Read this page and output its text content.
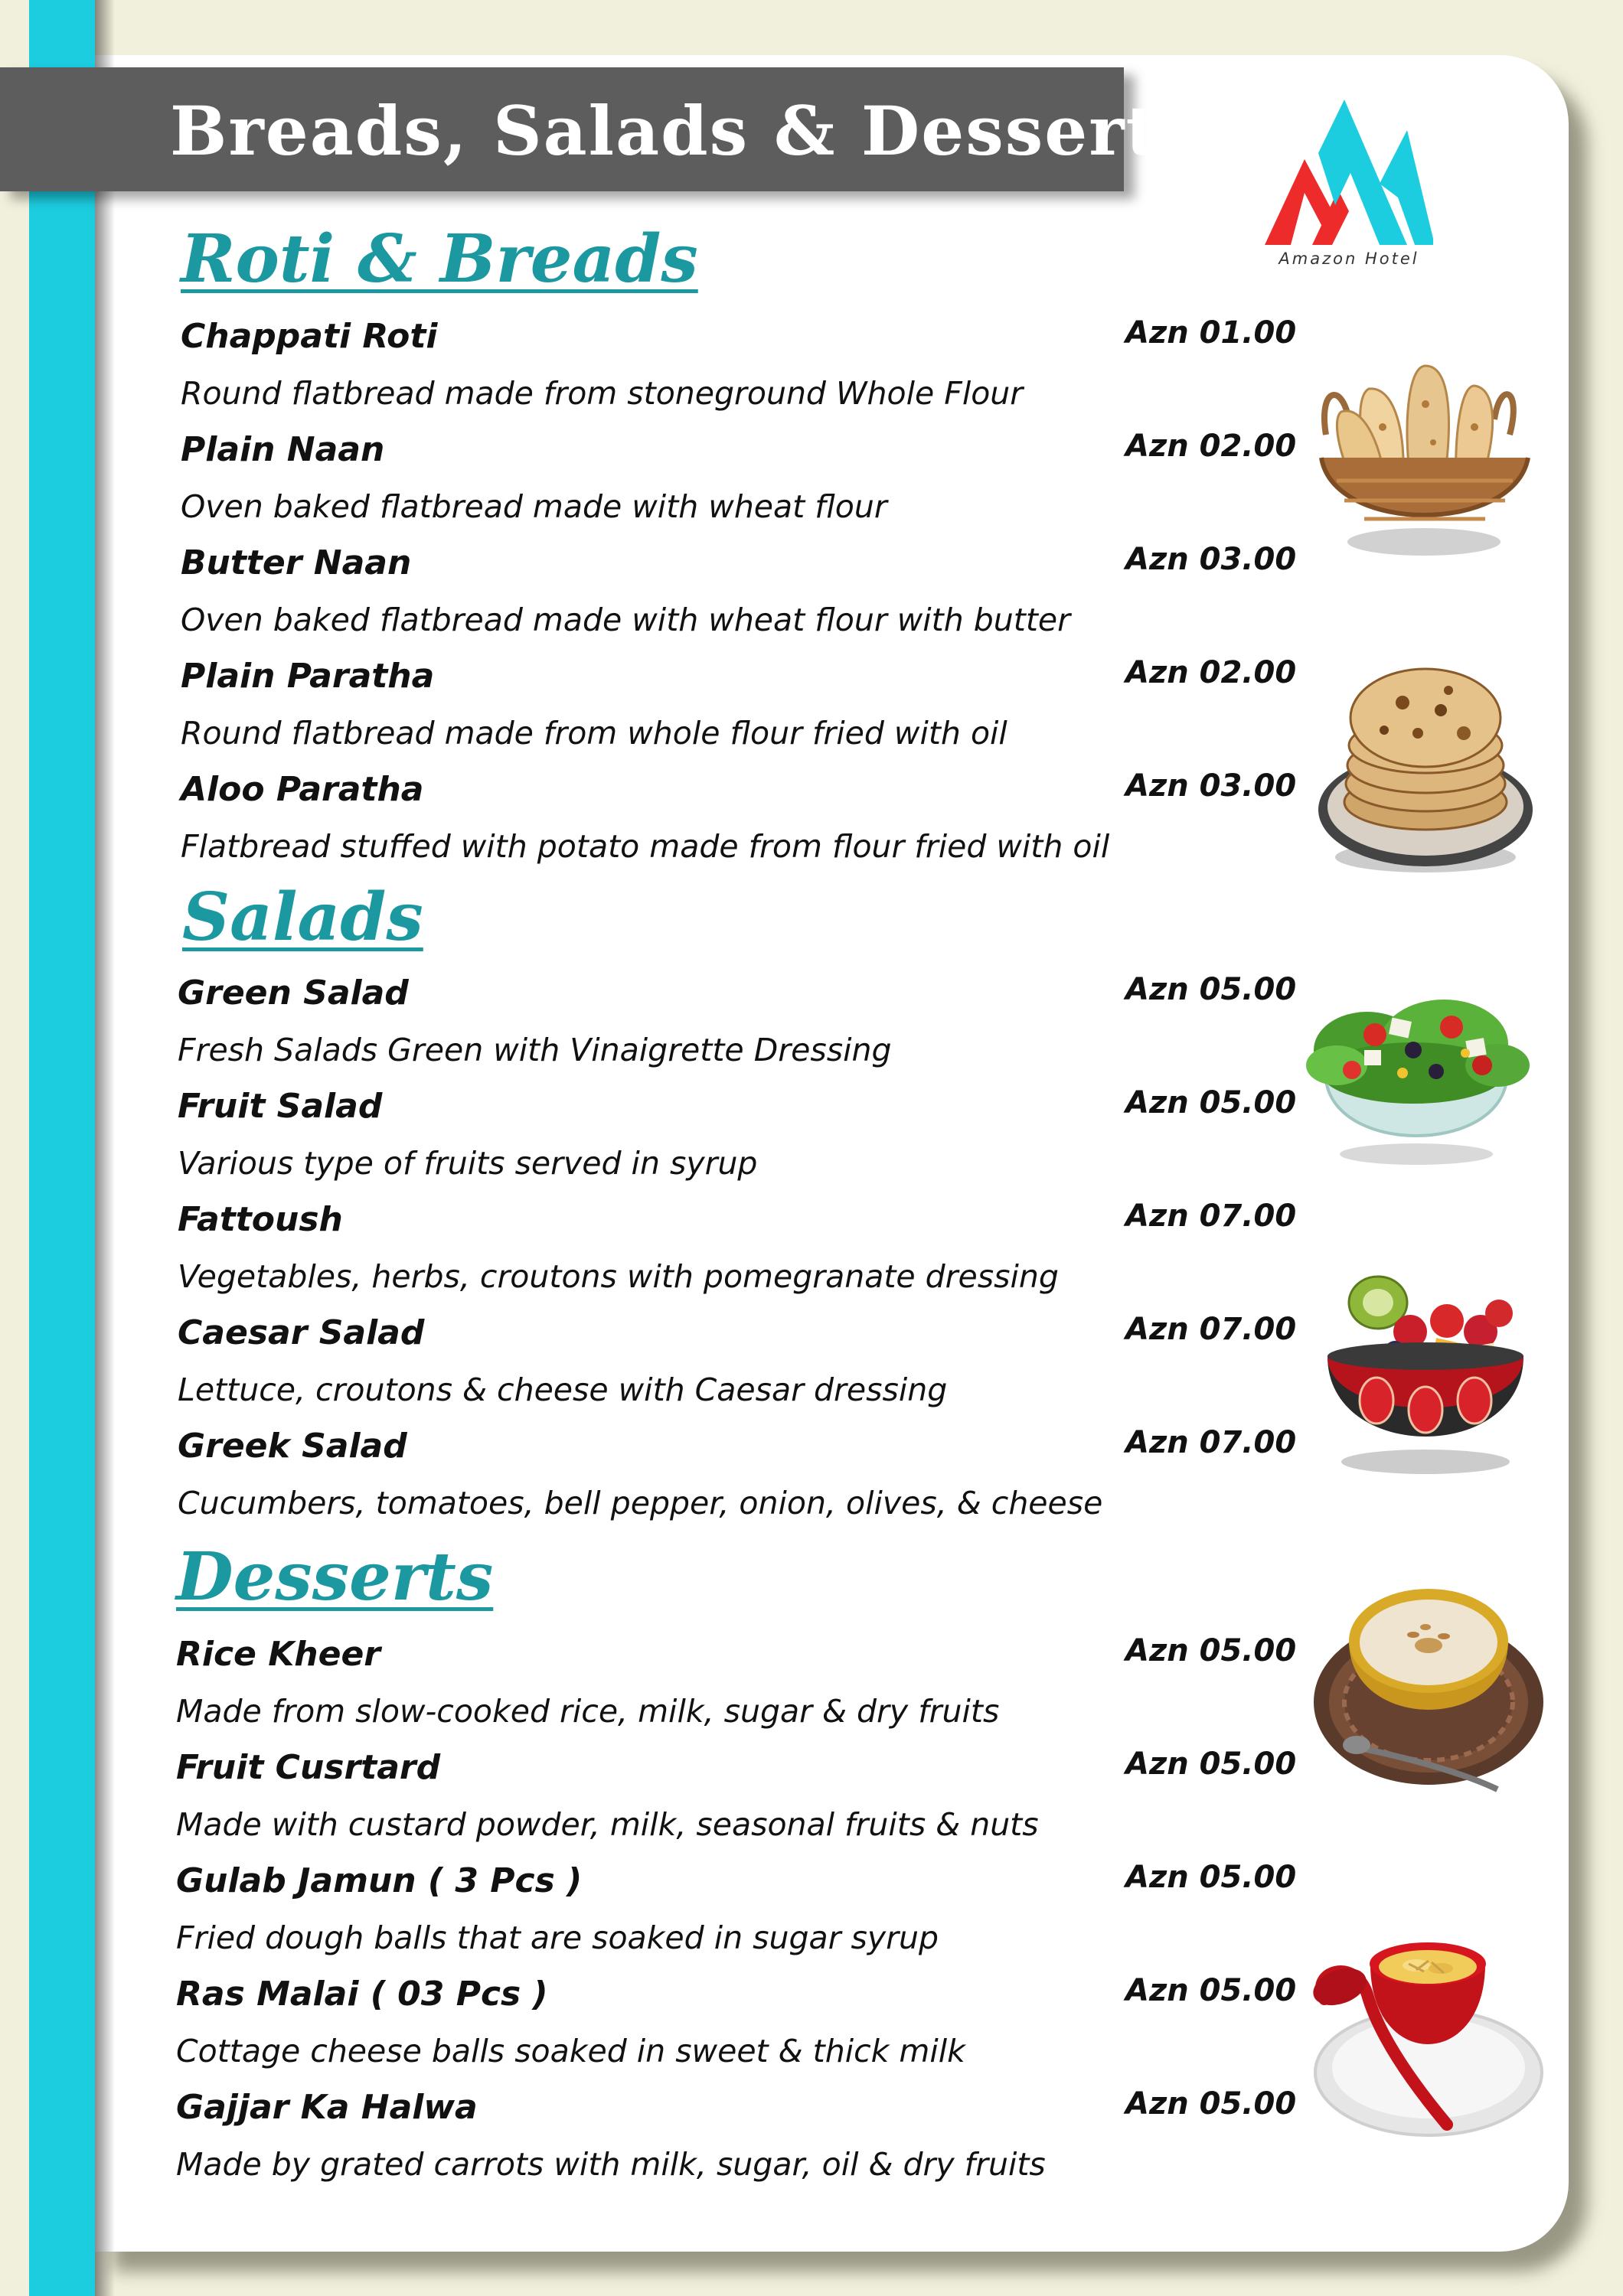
Breads, Salads & Dessert
Amazon Hotel
Roti & Breads
Chappati Roti	Azn 01.00
Round flatbread made from stoneground Whole Flour
Plain Naan	Azn 02.00
Oven baked flatbread made with wheat flour
Butter Naan	Azn 03.00
Oven baked flatbread made with wheat flour with butter
Plain Paratha	Azn 02.00
Round flatbread made from whole flour fried with oil
Aloo Paratha	Azn 03.00
Flatbread stuffed with potato made from flour fried with oil
Salads
Green Salad	Azn 05.00
Fresh Salads Green with Vinaigrette Dressing
Fruit Salad	Azn 05.00
Various type of fruits served in syrup
Fattoush	Azn 07.00
Vegetables, herbs, croutons with pomegranate dressing
Caesar Salad	Azn 07.00
Lettuce, croutons & cheese with Caesar dressing
Greek Salad	Azn 07.00
Cucumbers, tomatoes, bell pepper, onion, olives, & cheese
Desserts
Rice Kheer	Azn 05.00
Made from slow-cooked rice, milk, sugar & dry fruits
Fruit Cusrtard	Azn 05.00
Made with custard powder, milk, seasonal fruits & nuts
Gulab Jamun ( 3 Pcs )	Azn 05.00
Fried dough balls that are soaked in sugar syrup
Ras Malai ( 03 Pcs )	Azn 05.00
Cottage cheese balls soaked in sweet & thick milk
Gajjar Ka Halwa	Azn 05.00
Made by grated carrots with milk, sugar, oil & dry fruits
